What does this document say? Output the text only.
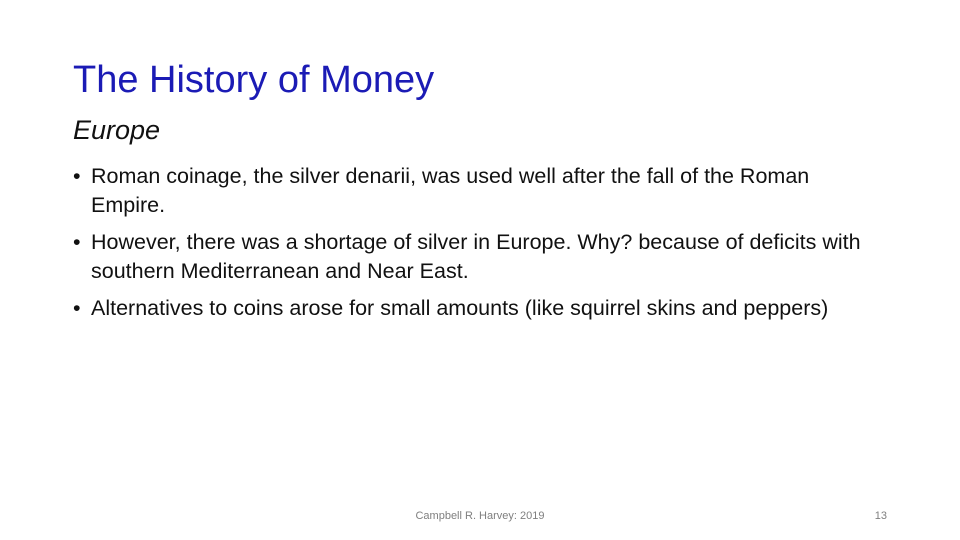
The History of Money
Europe
• Roman coinage, the silver denarii, was used well after the fall of the Roman Empire.
• However, there was a shortage of silver in Europe. Why? because of deficits with southern Mediterranean and Near East.
• Alternatives to coins arose for small amounts (like squirrel skins and peppers)
Campbell R. Harvey: 2019	13
